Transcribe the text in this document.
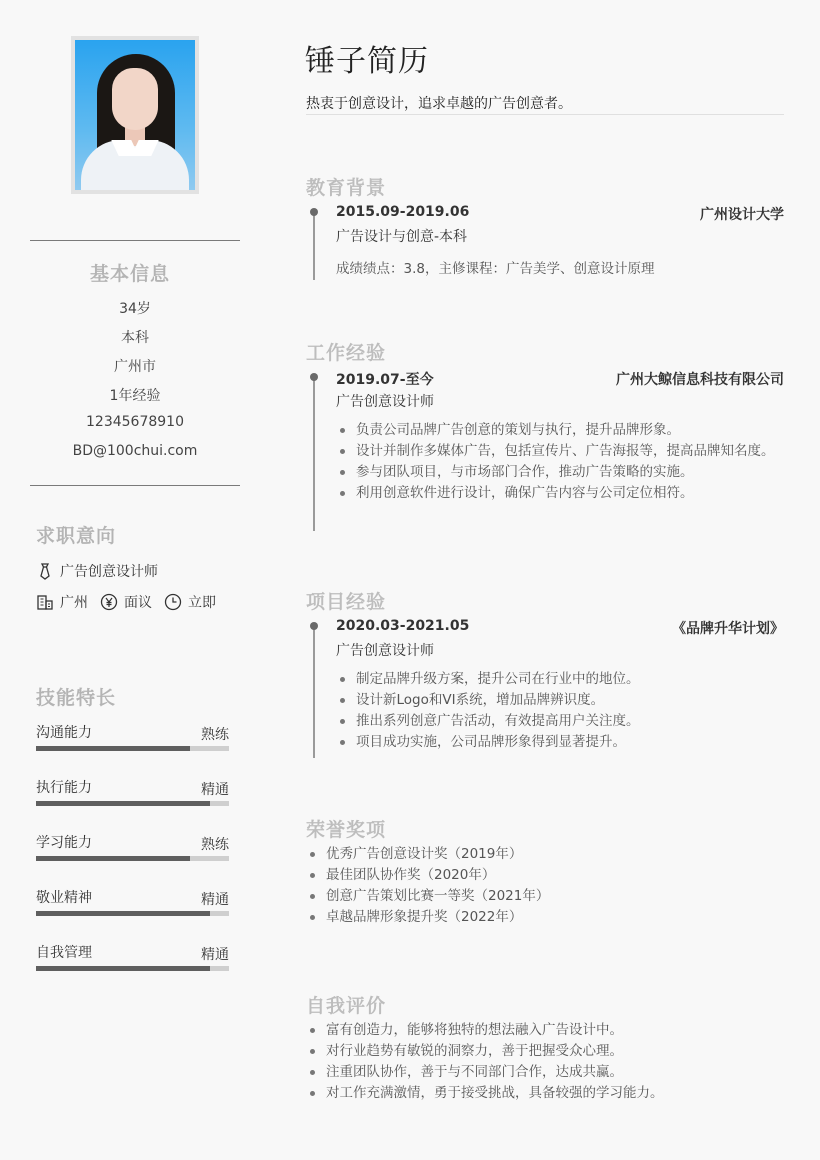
基本信息
34岁
本科
广州市
1年经验
12345678910
BD@100chui.com
求职意向
广告创意设计师
广州	面议	立即
技能特长
沟通能力	熟练
执行能力	精通
学习能力	熟练
敬业精神	精通
自我管理	精通
锤子简历
热衷于创意设计，追求卓越的广告创意者。
教育背景
2015.09-2019.06	广州设计大学
广告设计与创意-本科
成绩绩点：3.8，主修课程：广告美学、创意设计原理
工作经验
2019.07-至今	广州大鲸信息科技有限公司
广告创意设计师
负责公司品牌广告创意的策划与执行，提升品牌形象。
设计并制作多媒体广告，包括宣传片、广告海报等，提高品牌知名度。
参与团队项目，与市场部门合作，推动广告策略的实施。
利用创意软件进行设计，确保广告内容与公司定位相符。
项目经验
2020.03-2021.05	《品牌升华计划》
广告创意设计师
制定品牌升级方案，提升公司在行业中的地位。
设计新Logo和VI系统，增加品牌辨识度。
推出系列创意广告活动，有效提高用户关注度。
项目成功实施，公司品牌形象得到显著提升。
荣誉奖项
优秀广告创意设计奖（2019年）
最佳团队协作奖（2020年）
创意广告策划比赛一等奖（2021年）
卓越品牌形象提升奖（2022年）
自我评价
富有创造力，能够将独特的想法融入广告设计中。
对行业趋势有敏锐的洞察力，善于把握受众心理。
注重团队协作，善于与不同部门合作，达成共赢。
对工作充满激情，勇于接受挑战，具备较强的学习能力。
